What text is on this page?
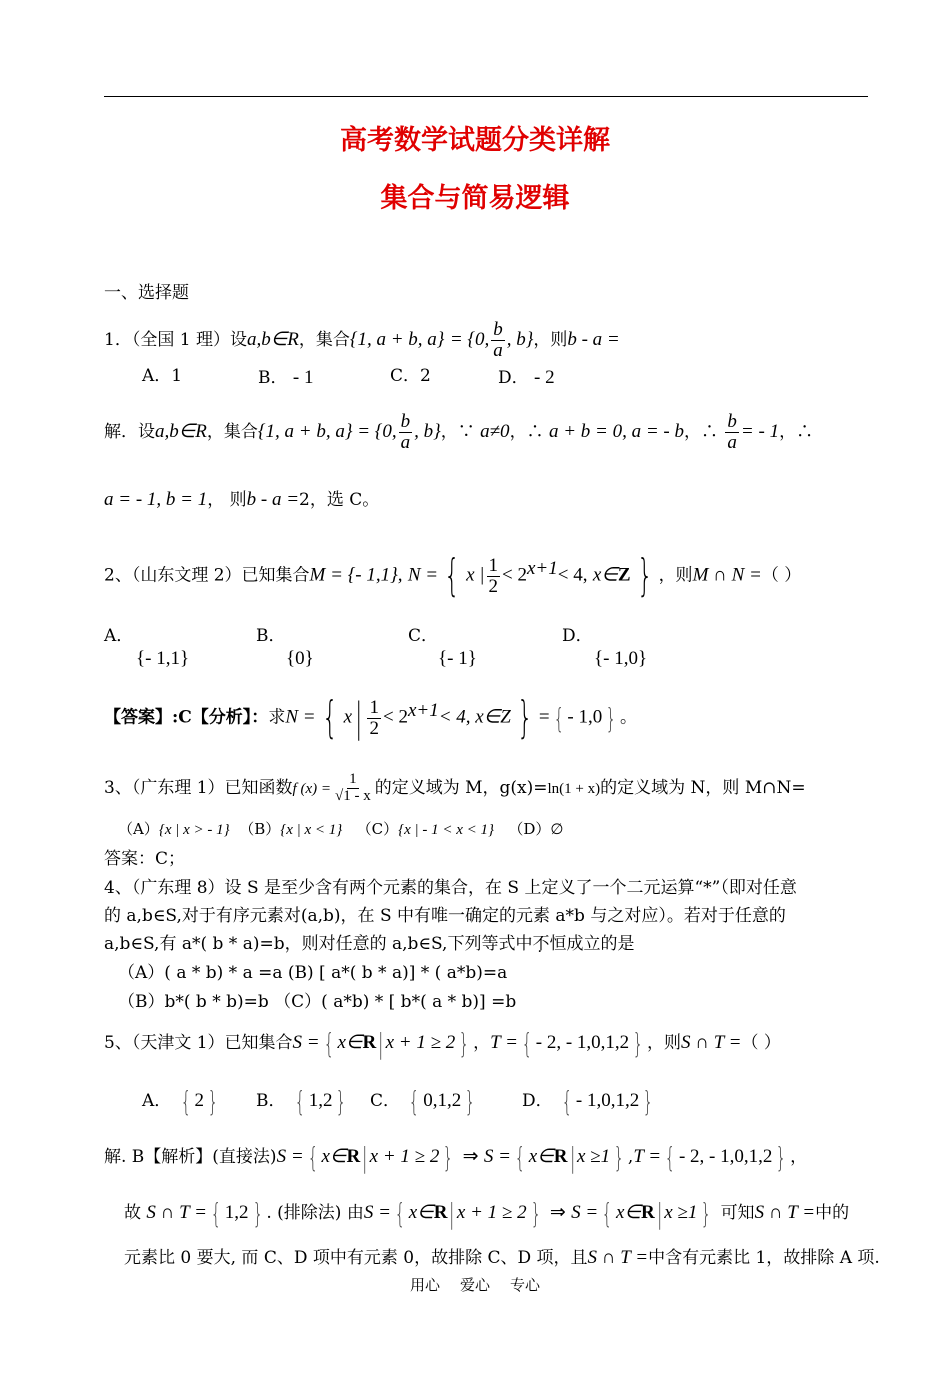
高考数学试题分类详解
集合与简易逻辑
一、选择题
1．（全国 1 理）设a,b∈R，集合{1, a + b, a} = {0, $\frac{b}{a}$ , b}，则b - a =
A．1	B． - 1	C．2	D． - 2
解．设a,b∈R，集合{1, a + b, a} = {0, $\frac{b}{a}$ , b}，∵ a≠0，∴ a + b = 0, a = - b，∴ $\frac{b}{a}$ = - 1，∴
a = - 1, b = 1， 则b - a =2，选 C。
2、（山东文理 2）已知集合M = {- 1,1}, N = { x | $\frac{1}{2} < 2^{x+1}< 4$, x∈Z } ，则M ∩ N =（ ）
A．
{- 1,1}
B．
{0}
C．
{- 1}
D．
{- 1,0}
【答案】:C【分析】：求N = { $x| \frac{1}{2} < 2^{x+1}< 4$, x∈Z } = { - 1,0 } 。
3、（广东理 1）已知函数f $(x) = \frac{1}{√1 - x}$ 的定义域为 M，g(x)=ln(1 + x)的定义域为 N，则 M∩N=
（A）{x | x > - 1} （B）{x | x < 1} （C）{x | - 1 < x < 1} （D）∅
答案：C；
4、（广东理 8）设 S 是至少含有两个元素的集合，在 S 上定义了一个二元运算“*”（即对任意
的 a,b∈S,对于有序元素对(a,b)，在 S 中有唯一确定的元素 a*b 与之对应）。若对于任意的
a,b∈S,有 a*( b * a)=b，则对任意的 a,b∈S,下列等式中不恒成立的是
（A）( a * b) * a =a (B) [ a*( b * a)] * ( a*b)=a
（B）b*( b * b)=b （C）( a*b) * [ b*( a * b)] =b
5、（天津文 1）已知集合S = { x∈R|x + 1 ≥ 2 } ，T = { - 2, - 1,0,1,2 } ，则S ∩ T =（ ）
A． { 2 } B． { 1,2 } C． { 0,1,2 }	D． { - 1,0,1,2 }
解. B【解析】(直接法)S = { x∈R|x + 1 ≥ 2 } ⇒ S = { x∈R|x ≥1 } ,T = { - 2, - 1,0,1,2 } ，
故 S ∩ T = { 1,2 } . (排除法) 由S = { x∈R|x + 1 ≥ 2 } ⇒ S = { x∈R|x ≥1 } 可知S ∩ T =中的
元素比 0 要大, 而 C、D 项中有元素 0，故排除 C、D 项，且S ∩ T =中含有元素比 1，故排除 A 项.
用心 爱心 专心
